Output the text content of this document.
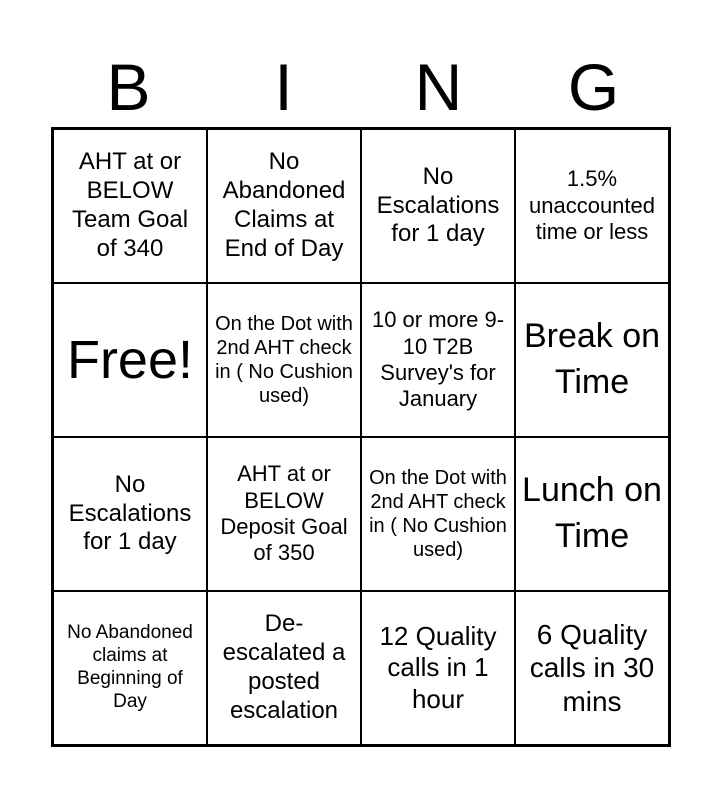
B	I	N	G
AHT at or BELOW Team Goal of 340
No Abandoned Claims at End of Day
No Escalations for 1 day
1.5% unaccounted time or less
Free!
On the Dot with 2nd AHT check in ( No Cushion used)
10 or more 9-10 T2B Survey's for January
Break on Time
No Escalations for 1 day
AHT at or BELOW Deposit Goal of 350
On the Dot with 2nd AHT check in ( No Cushion used)
Lunch on Time
No Abandoned claims at Beginning of Day
De-escalated a posted escalation
12 Quality calls in 1 hour
6 Quality calls in 30 mins
